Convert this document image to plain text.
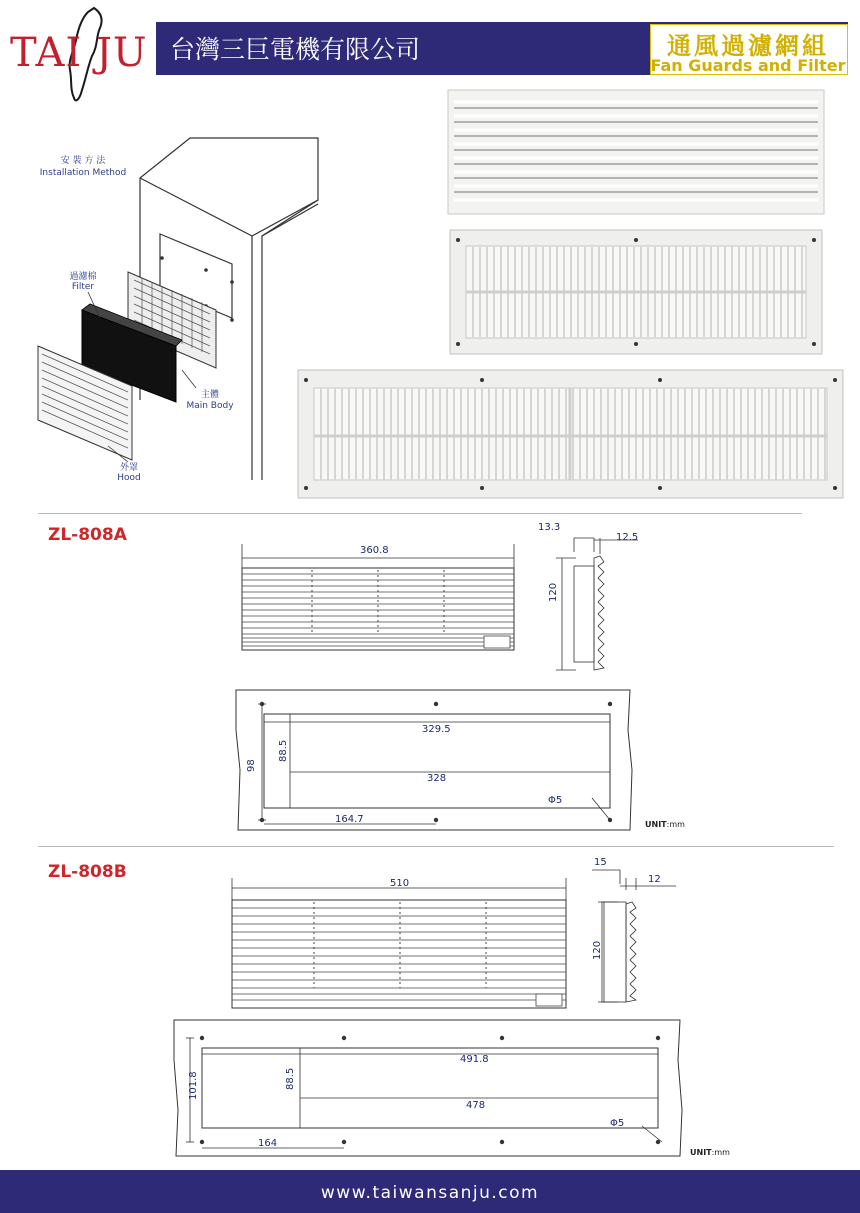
TAI JU 台灣三巨電機有限公司	通風過濾網組
Fan Guards and Filter
安 裝 方 法
Installation Method
過濾棉
Filter
主體
Main Body
外罩
Hood
ZL-808A
360.8
13.3
12.5
120
329.5
328
98
88.5
164.7
Φ5
UNIT:mm
ZL-808B
510
15
12
120
491.8
478
101.8	88.5
164
Φ5
UNIT:mm
www.taiwansanju.com
